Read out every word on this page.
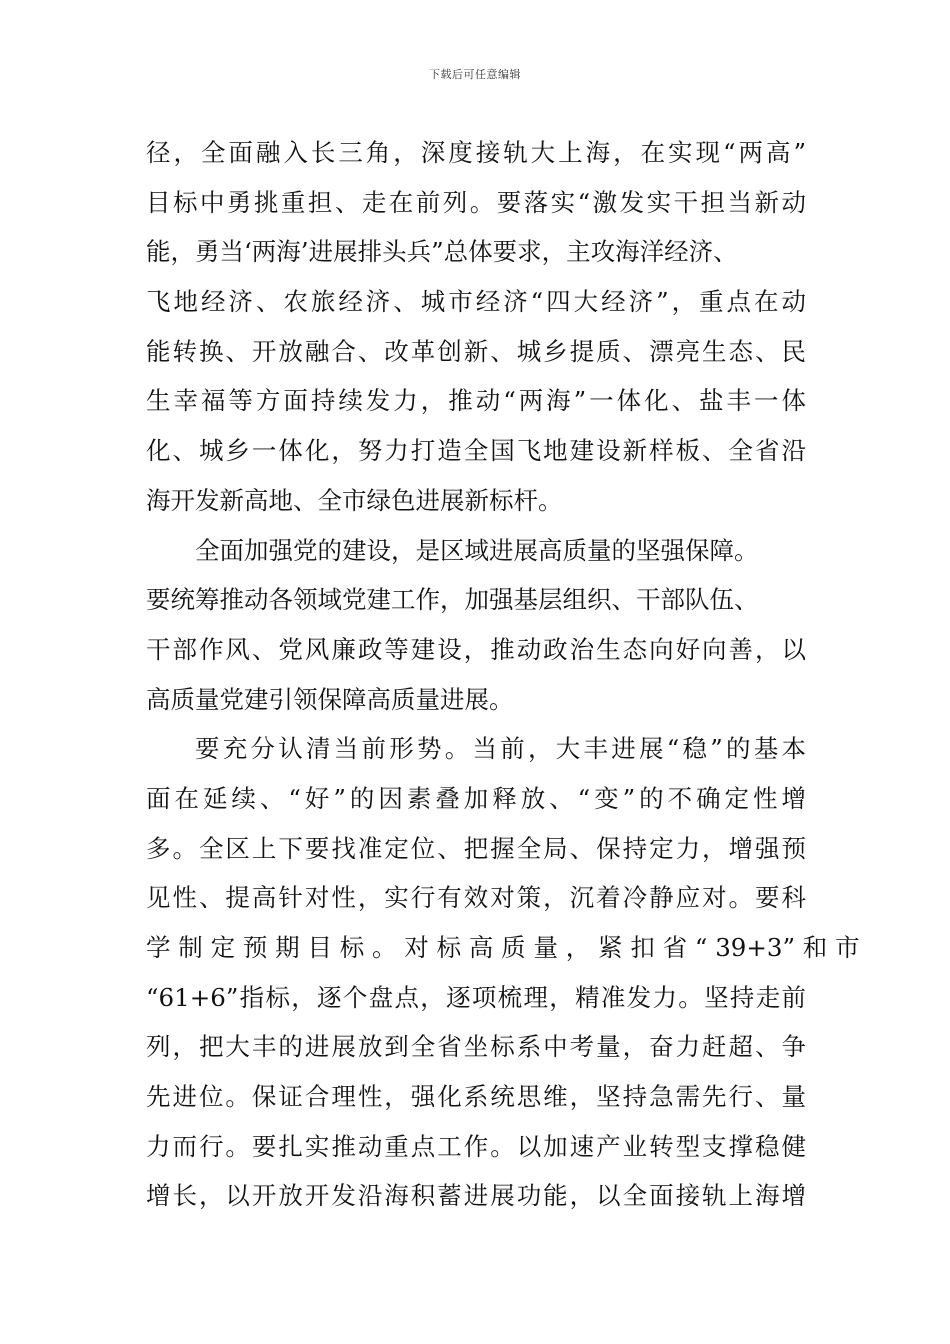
下载后可任意编辑
径，全面融入长三角，深度接轨大上海，在实现“两高”
目标中勇挑重担、走在前列。要落实“激发实干担当新动
能，勇当‘两海’进展排头兵”总体要求，主攻海洋经济、
飞地经济、农旅经济、城市经济“四大经济”，重点在动
能转换、开放融合、改革创新、城乡提质、漂亮生态、民
生幸福等方面持续发力，推动“两海”一体化、盐丰一体
化、城乡一体化，努力打造全国飞地建设新样板、全省沿
海开发新高地、全市绿色进展新标杆。
全面加强党的建设，是区域进展高质量的坚强保障。
要统筹推动各领域党建工作，加强基层组织、干部队伍、
干部作风、党风廉政等建设，推动政治生态向好向善，以
高质量党建引领保障高质量进展。
要充分认清当前形势。当前，大丰进展“稳”的基本
面在延续、“好”的因素叠加释放、“变”的不确定性增
多。全区上下要找准定位、把握全局、保持定力，增强预
见性、提高针对性，实行有效对策，沉着冷静应对。要科
学 制 定 预 期 目 标 。 对 标 高 质 量 ， 紧 扣 省 “ 39+3” 和 市
“61+6”指标，逐个盘点，逐项梳理，精准发力。坚持走前
列，把大丰的进展放到全省坐标系中考量，奋力赶超、争
先进位。保证合理性，强化系统思维，坚持急需先行、量
力而行。要扎实推动重点工作。以加速产业转型支撑稳健
增长，以开放开发沿海积蓄进展功能，以全面接轨上海增
